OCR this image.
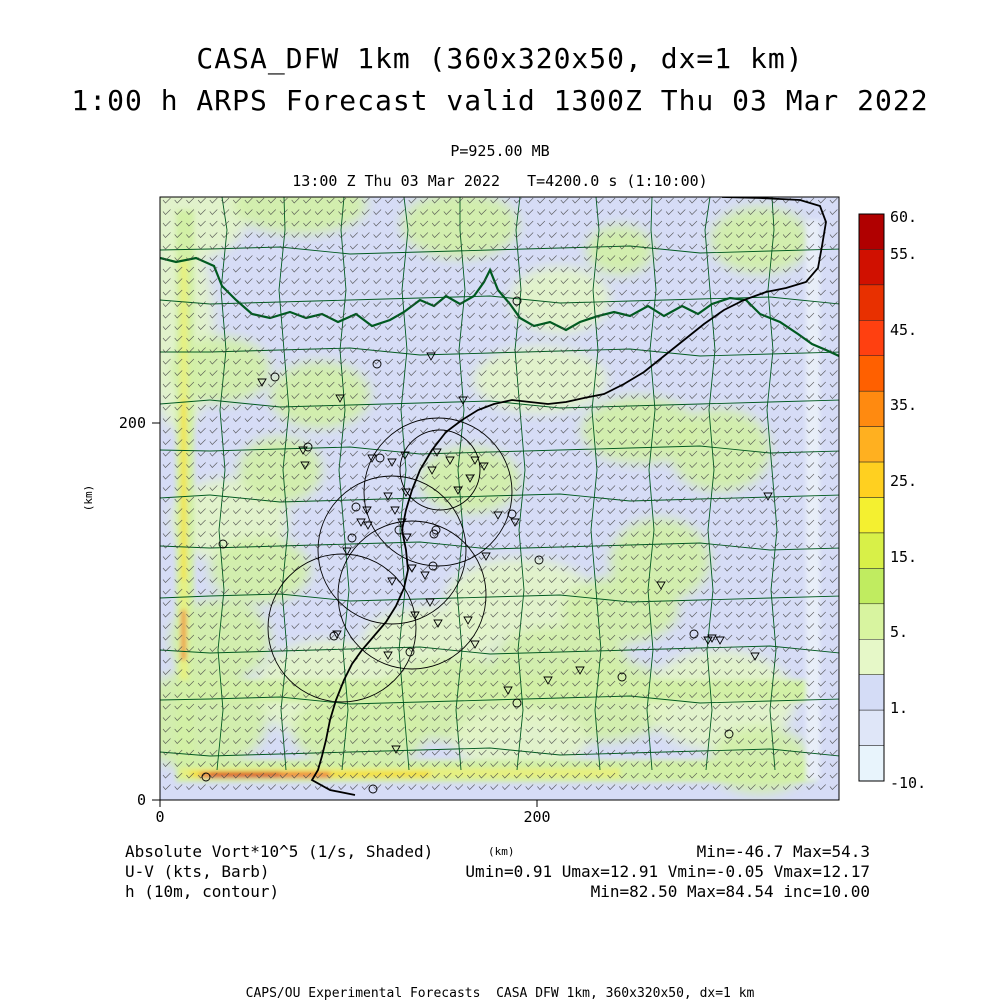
CASA_DFW 1km (360x320x50, dx=1 km)
1:00 h ARPS Forecast valid 1300Z Thu 03 Mar 2022
P=925.00 MB
13:00 Z Thu 03 Mar 2022   T=4200.0 s (1:10:00)
0
200
0	200
(km)
60.
55.
45.
35.
25.
15.
5.
1.
-10.
Absolute Vort*10^5 (1/s, Shaded)
U-V (kts, Barb)
h (10m, contour)
(km)	Min=-46.7 Max=54.3
Umin=0.91 Umax=12.91 Vmin=-0.05 Vmax=12.17
Min=82.50 Max=84.54 inc=10.00
CAPS/OU Experimental Forecasts  CASA DFW 1km, 360x320x50, dx=1 km
